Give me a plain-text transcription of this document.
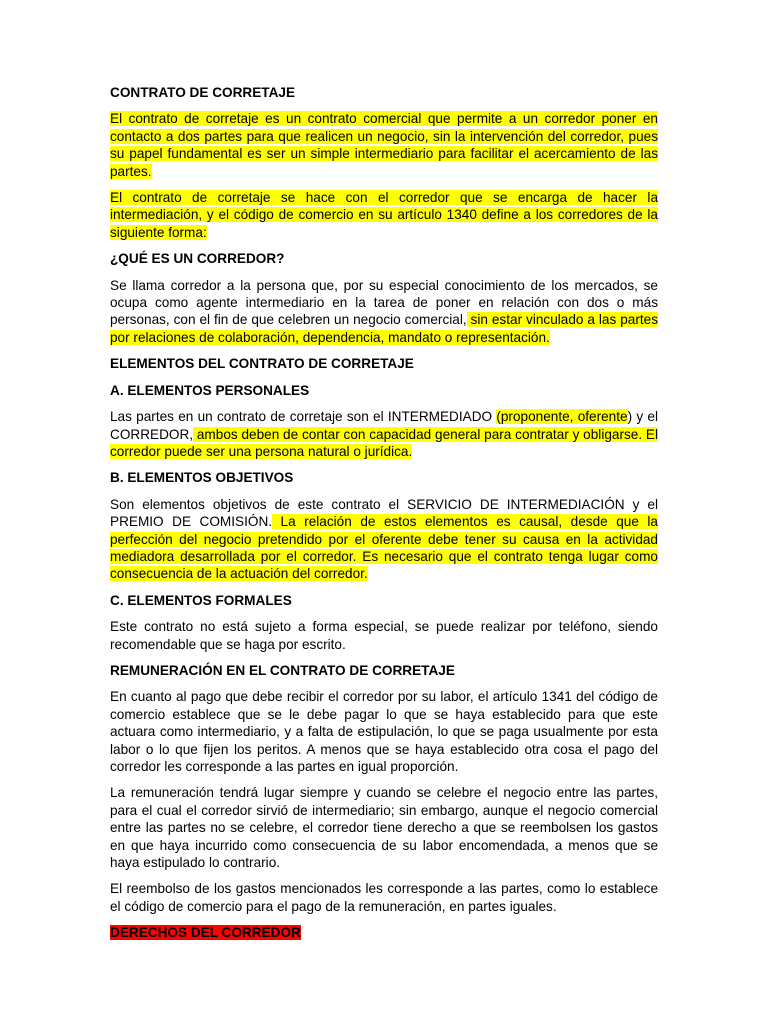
CONTRATO DE CORRETAJE

El contrato de corretaje es un contrato comercial que permite a un corredor poner en contacto a dos partes para que realicen un negocio, sin la intervención del corredor, pues su papel fundamental es ser un simple intermediario para facilitar el acercamiento de las partes.

El contrato de corretaje se hace con el corredor que se encarga de hacer la intermediación, y el código de comercio en su artículo 1340 define a los corredores de la siguiente forma:

¿QUÉ ES UN CORREDOR?

Se llama corredor a la persona que, por su especial conocimiento de los mercados, se ocupa como agente intermediario en la tarea de poner en relación con dos o más personas, con el fin de que celebren un negocio comercial, sin estar vinculado a las partes por relaciones de colaboración, dependencia, mandato o representación.

ELEMENTOS DEL CONTRATO DE CORRETAJE
A. ELEMENTOS PERSONALES

Las partes en un contrato de corretaje son el INTERMEDIADO (proponente, oferente) y el CORREDOR, ambos deben de contar con capacidad general para contratar y obligarse. El corredor puede ser una persona natural o jurídica.

B. ELEMENTOS OBJETIVOS

Son elementos objetivos de este contrato el SERVICIO DE INTERMEDIACIÓN y el PREMIO DE COMISIÓN. La relación de estos elementos es causal, desde que la perfección del negocio pretendido por el oferente debe tener su causa en la actividad mediadora desarrollada por el corredor. Es necesario que el contrato tenga lugar como consecuencia de la actuación del corredor.

C. ELEMENTOS FORMALES

Este contrato no está sujeto a forma especial, se puede realizar por teléfono, siendo recomendable que se haga por escrito.

REMUNERACIÓN EN EL CONTRATO DE CORRETAJE

En cuanto al pago que debe recibir el corredor por su labor, el artículo 1341 del código de comercio establece que se le debe pagar lo que se haya establecido para que este actuara como intermediario, y a falta de estipulación, lo que se paga usualmente por esta labor o lo que fijen los peritos. A menos que se haya establecido otra cosa el pago del corredor les corresponde a las partes en igual proporción.

La remuneración tendrá lugar siempre y cuando se celebre el negocio entre las partes, para el cual el corredor sirvió de intermediario; sin embargo, aunque el negocio comercial entre las partes no se celebre, el corredor tiene derecho a que se reembolsen los gastos en que haya incurrido como consecuencia de su labor encomendada, a menos que se haya estipulado lo contrario.

El reembolso de los gastos mencionados les corresponde a las partes, como lo establece el código de comercio para el pago de la remuneración, en partes iguales.

DERECHOS DEL CORREDOR
